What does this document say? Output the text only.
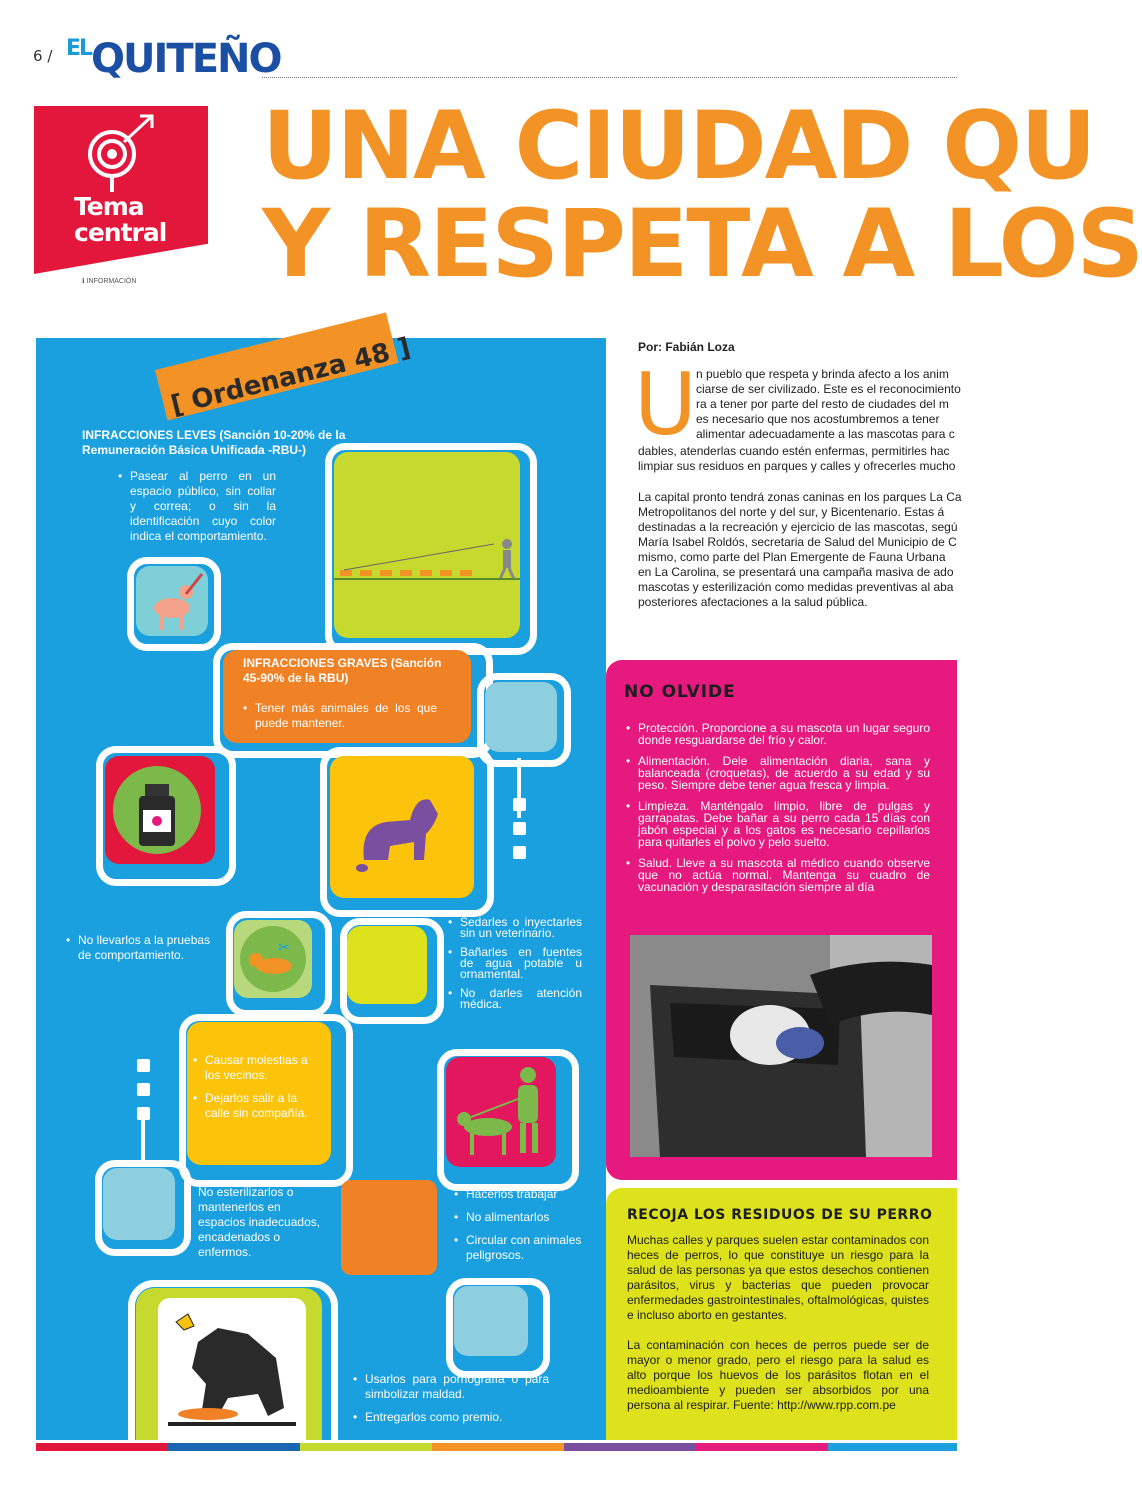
6 / ELQUITEÑO
Tema
central
ℹ INFORMACIÓN
UNA CIUDAD QU
Y RESPETA A LOS
[ Ordenanza 48 ]
INFRACCIONES LEVES (Sanción 10-20% de la Remuneración Básica Unificada -RBU-)
• Pasear al perro en un espacio público, sin collar y correa; o sin la identificación cuyo color indica el comportamiento.
INFRACCIONES GRAVES (Sanción 45-90% de la RBU)
• Tener más animales de los que puede mantener.
• No llevarlos a la pruebas de comportamiento.	✂
• Sedarles o inyectarles sin un veterinario.
• Bañarles en fuentes de agua potable u ornamental.
• No darles atención médica.
• Causar molestias a los vecinos.
• Dejarlos salir a la calle sin compañía.
• No esterilizarlos o mantenerlos en espacios inadecuados, encadenados o enfermos.
• Hacerlos trabajar
• No alimentarlos
• Circular con animales peligrosos.
• Usarlos para pornografía o para simbolizar maldad.
• Entregarlos como premio.
Por: Fabián Loza
U n pueblo que respeta y brinda afecto a los anim
ciarse de ser civilizado. Este es el reconocimiento
ra a tener por parte del resto de ciudades del m
es necesario que nos acostumbremos a tener
alimentar adecuadamente a las mascotas para c
dables, atenderlas cuando estén enfermas, permitirles hac
limpiar sus residuos en parques y calles y ofrecerles mucho
La capital pronto tendrá zonas caninas en los parques La Ca
Metropolitanos del norte y del sur, y Bicentenario. Estas á
destinadas a la recreación y ejercicio de las mascotas, segú
María Isabel Roldós, secretaria de Salud del Municipio de C
mismo, como parte del Plan Emergente de Fauna Urbana
en La Carolina, se presentará una campaña masiva de ado
mascotas y esterilización como medidas preventivas al aba
posteriores afectaciones a la salud pública.
NO OLVIDE
• Protección. Proporcione a su mascota un lugar seguro donde resguardarse del frío y calor.
• Alimentación. Dele alimentación diaria, sana y balanceada (croquetas), de acuerdo a su edad y su peso. Siempre debe tener agua fresca y limpia.
• Limpieza. Manténgalo limpio, libre de pulgas y garrapatas. Debe bañar a su perro cada 15 días con jabón especial y a los gatos es necesario cepillarlos para quitarles el polvo y pelo suelto.
• Salud. Lleve a su mascota al médico cuando observe que no actúa normal. Mantenga su cuadro de vacunación y desparasitación siempre al día
RECOJA LOS RESIDUOS DE SU PERRO
Muchas calles y parques suelen estar contaminados con heces de perros, lo que constituye un riesgo para la salud de las personas ya que estos desechos contienen parásitos, virus y bacterias que pueden provocar enfermedades gastrointestinales, oftalmológicas, quistes e incluso aborto en gestantes.
La contaminación con heces de perros puede ser de mayor o menor grado, pero el riesgo para la salud es alto porque los huevos de los parásitos flotan en el medioambiente y pueden ser absorbidos por una persona al respirar. Fuente: http://www.rpp.com.pe
